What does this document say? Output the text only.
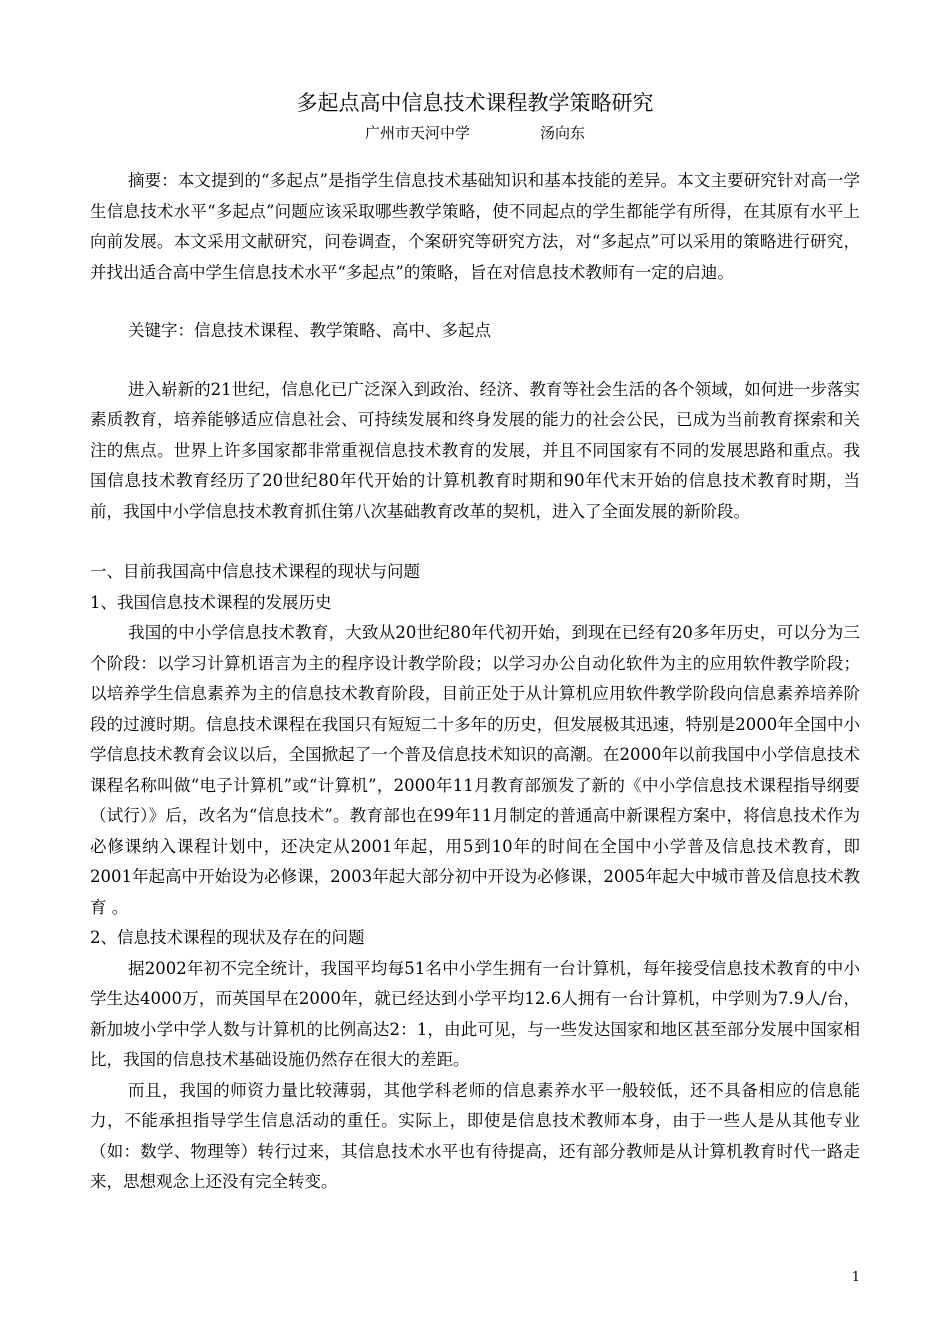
多起点高中信息技术课程教学策略研究
广州市天河中学	汤向东

摘要：本文提到的“多起点”是指学生信息技术基础知识和基本技能的差异。本文主要研究针对高一学生信息技术水平“多起点”问题应该采取哪些教学策略，使不同起点的学生都能学有所得，在其原有水平上向前发展。本文采用文献研究，问卷调查，个案研究等研究方法，对“多起点”可以采用的策略进行研究，并找出适合高中学生信息技术水平“多起点”的策略，旨在对信息技术教师有一定的启迪。

关键字：信息技术课程、教学策略、高中、多起点

进入崭新的21世纪，信息化已广泛深入到政治、经济、教育等社会生活的各个领域，如何进一步落实素质教育，培养能够适应信息社会、可持续发展和终身发展的能力的社会公民，已成为当前教育探索和关注的焦点。世界上许多国家都非常重视信息技术教育的发展，并且不同国家有不同的发展思路和重点。我国信息技术教育经历了20世纪80年代开始的计算机教育时期和90年代末开始的信息技术教育时期，当前，我国中小学信息技术教育抓住第八次基础教育改革的契机，进入了全面发展的新阶段。

一、目前我国高中信息技术课程的现状与问题

1、我国信息技术课程的发展历史

我国的中小学信息技术教育，大致从20世纪80年代初开始，到现在已经有20多年历史，可以分为三个阶段：以学习计算机语言为主的程序设计教学阶段；以学习办公自动化软件为主的应用软件教学阶段；以培养学生信息素养为主的信息技术教育阶段，目前正处于从计算机应用软件教学阶段向信息素养培养阶段的过渡时期。信息技术课程在我国只有短短二十多年的历史，但发展极其迅速，特别是2000年全国中小学信息技术教育会议以后，全国掀起了一个普及信息技术知识的高潮。在2000年以前我国中小学信息技术课程名称叫做“电子计算机”或“计算机”，2000年11月教育部颁发了新的《中小学信息技术课程指导纲要（试行）》后，改名为“信息技术”。教育部也在99年11月制定的普通高中新课程方案中，将信息技术作为必修课纳入课程计划中，还决定从2001年起，用5到10年的时间在全国中小学普及信息技术教育，即2001年起高中开始设为必修课，2003年起大部分初中开设为必修课，2005年起大中城市普及信息技术教育 。

2、信息技术课程的现状及存在的问题

据2002年初不完全统计，我国平均每51名中小学生拥有一台计算机，每年接受信息技术教育的中小学生达4000万，而英国早在2000年，就已经达到小学平均12.6人拥有一台计算机，中学则为7.9人/台，新加坡小学中学人数与计算机的比例高达2：1，由此可见，与一些发达国家和地区甚至部分发展中国家相比，我国的信息技术基础设施仍然存在很大的差距。

而且，我国的师资力量比较薄弱，其他学科老师的信息素养水平一般较低，还不具备相应的信息能力，不能承担指导学生信息活动的重任。实际上，即使是信息技术教师本身，由于一些人是从其他专业（如：数学、物理等）转行过来，其信息技术水平也有待提高，还有部分教师是从计算机教育时代一路走来，思想观念上还没有完全转变。

1
